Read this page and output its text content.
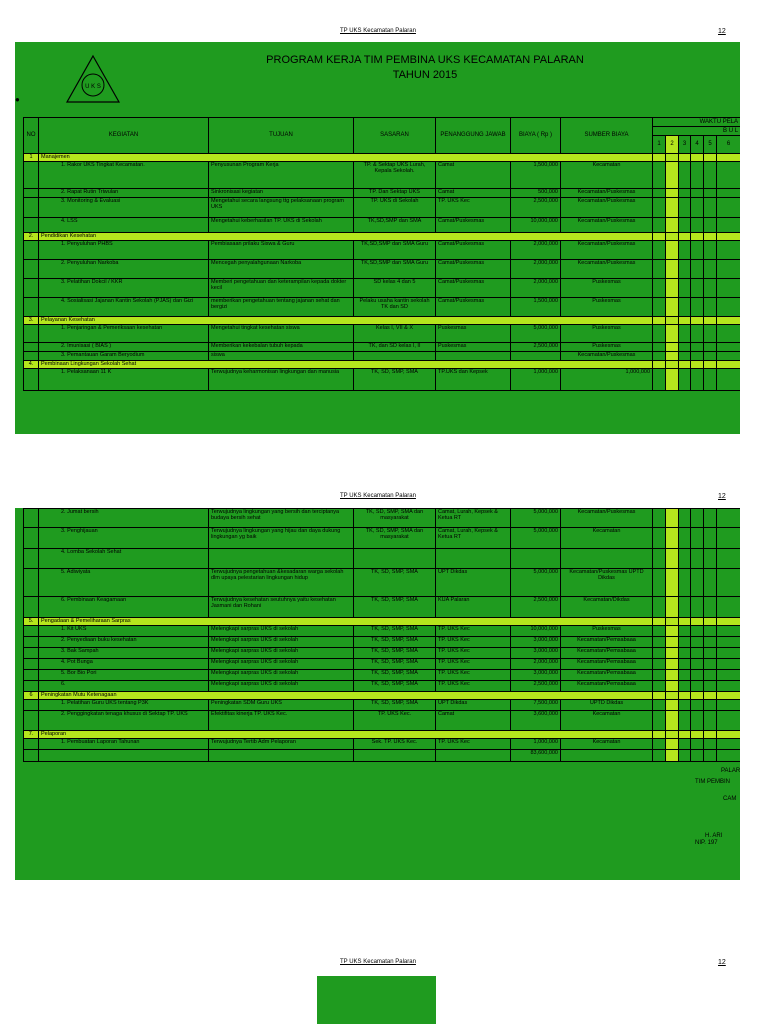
TP UKS Kecamatan Palaran	12
U K S
PROGRAM KERJA TIM PEMBINA UKS KECAMATAN PALARAN
TAHUN 2015
●
NO	KEGIATAN	TUJUAN	SASARAN	PENANGGUNG JAWAB	BIAYA ( Rp )	SUMBER BIAYA	WAKTU PELA					
							B U L					
							1	2	3	4	5	6
1	Manajemen											
	1. Rakor UKS Tingkat Kecamatan.	Penyusunan Program Kerja	TP. & Sektap UKS Lurah, Kepala Sekolah.	Camat	1,500,000	Kecamatan						
	2. Rapat Rutin Triwulan	Sinkronisasi kegiatan	TP. Dan Sektap UKS	Camat	500,000	Kecamatan/Puskesmas						
	3. Monitoring & Evaluasi	Mengetahui secara langsung ttg pelaksanaan program UKS	TP. UKS di Sekolah	TP. UKS Kec	2,500,000	Kecamatan/Puskesmas						
	4. LSS	Mengetahui keberhasilan TP. UKS di Sekolah	TK,SD,SMP dan SMA	Camat/Puskesmas	10,000,000	Kecamatan/Puskesmas						
2.	Pendidikan Kesehatan											
	1. Penyuluhan PHBS	Pembiasaan prilaku Siswa & Guru	TK,SD,SMP dan SMA Guru	Camat/Puskesmas	2,000,000	Kecamatan/Puskesmas						
	2. Penyuluhan Narkoba	Mencegah penyalahgunaan Narkoba	TK,SD,SMP dan SMA Guru	Camat/Puskesmas	2,000,000	Kecamatan/Puskesmas						
	3. Pelatihan Dokcil / KKR	Memberi pengetahuan dan keterampilan kepada dokter kecil	SD kelas 4 dan 5	Camat/Puskesmas	2,000,000	Puskesmas						
	4. Sosialisasi Jajanan Kantin Sekolah (PJAS) dan Gizi	memberikan pengetahuan tentang jajanan sehat dan bergizi	Pelaku usaha kantin sekolah TK dan SD	Camat/Puskesmas	1,500,000	Puskesmas						
3.	Pelayanan Kesehatan											
	1. Penjaringan & Pemeriksaan kesehatan	Mengetahui tingkat kesehatan siswa	Kelas I, VII & X	Puskesmas	5,000,000	Puskesmas						
	2. Imunisasi ( BIAS )	Memberikan kekebalan tubuh kepada	TK, dan SD kelas I, II	Puskesmas	2,500,000	Puskesmas						
	3. Pemantauan Garam Beryodium	siswa				Kecamatan/Puskesmas						
4.	Pembinaan Lingkungan Sekolah Sehat											
	1. Pelaksanaan 11 K	Terwujudnya keharmonisan lingkungan dan manusia	TK, SD, SMP, SMA	TP.UKS dan Kepsek	1,000,000	1,000,000						
TP UKS Kecamatan Palaran	12
	2. Jumat bersih	Terwujudnya lingkungan yang bersih dan terciptanya budaya bersih sehat	TK, SD, SMP, SMA dan masyarakat	Camat, Lurah, Kepsek & Ketua RT	5,000,000	Kecamatan/Puskesmas						
	3. Penghijauan	Terwujudnya lingkungan yang hijau dan daya dukung lingkungan yg baik	TK, SD, SMP, SMA dan masyarakat	Camat, Lurah, Kepsek & Ketua RT	5,000,000	Kecamatan						
	4. Lomba Sekolah Sehat											
	5. Adiwiyata	Terwujudnya pengetahuan &kesadaran warga sekolah dlm upaya pelestarian lingkungan hidup	TK, SD, SMP, SMA	UPT Dikdas	5,000,000	Kecamatan/Puskesmas UPTD Dikdas						
	6. Pembinaan Keagamaan	Terwujudnya kesehatan seutuhnya yaitu kesehatan Jasmani dan Rohani	TK, SD, SMP, SMA	KUA Palaran	2,500,000	Kecamatan/Dikdas						
5.	Pengadaan & Pemeliharaan Sarpras											
	1. Kit UKS	Melengkapi sarpras UKS di sekolah	TK, SD, SMP, SMA	TP. UKS Kec	10,000,000	Puskesmas						
	2. Penyediaan buku kesehatan	Melengkapi sarpras UKS di sekolah	TK, SD, SMP, SMA	TP. UKS Kec	3,000,000	Kecamatan/Pemsabaaa						
	3. Bak Sampah	Melengkapi sarpras UKS di sekolah	TK, SD, SMP, SMA	TP. UKS Kec	3,000,000	Kecamatan/Pemsabaaa						
	4. Pot Bunga	Melengkapi sarpras UKS di sekolah	TK, SD, SMP, SMA	TP. UKS Kec	2,000,000	Kecamatan/Pemsabaaa						
	5. Bor Bio Pori	Melengkapi sarpras UKS di sekolah	TK, SD, SMP, SMA	TP. UKS Kec	3,000,000	Kecamatan/Pemsabaaa						
	6.	Melengkapi sarpras UKS di sekolah	TK, SD, SMP, SMA	TP. UKS Kec	2,500,000	Kecamatan/Pemsabaaa						
6	Peningkatan Mutu Ketenagaan											
	1. Pelatihan Guru UKS tentang P3K	Peningkatan SDM Guru UKS	TK, SD, SMP, SMA	UPT Dikdas	7,500,000	UPTD Dikdas						
	2. Penggingkatan tenaga khusus di Sektap TP. UKS	Efektifitas kinerja TP. UKS Kec.	TP. UKS Kec.	Camat	3,600,000	Kecamatan						
7.	Pelaporan											
	1. Pembuatan Laporan Tahunan	Terwujudnya Tertib Adm Pelaporan	Sek. TP. UKS Kec.	TP. UKS Kec	1,000,000	Kecamatan						
					83,600,000							
PALAR
TIM PEMBIN
CAM
H. ARI
NIP. 197
TP UKS Kecamatan Palaran	12
